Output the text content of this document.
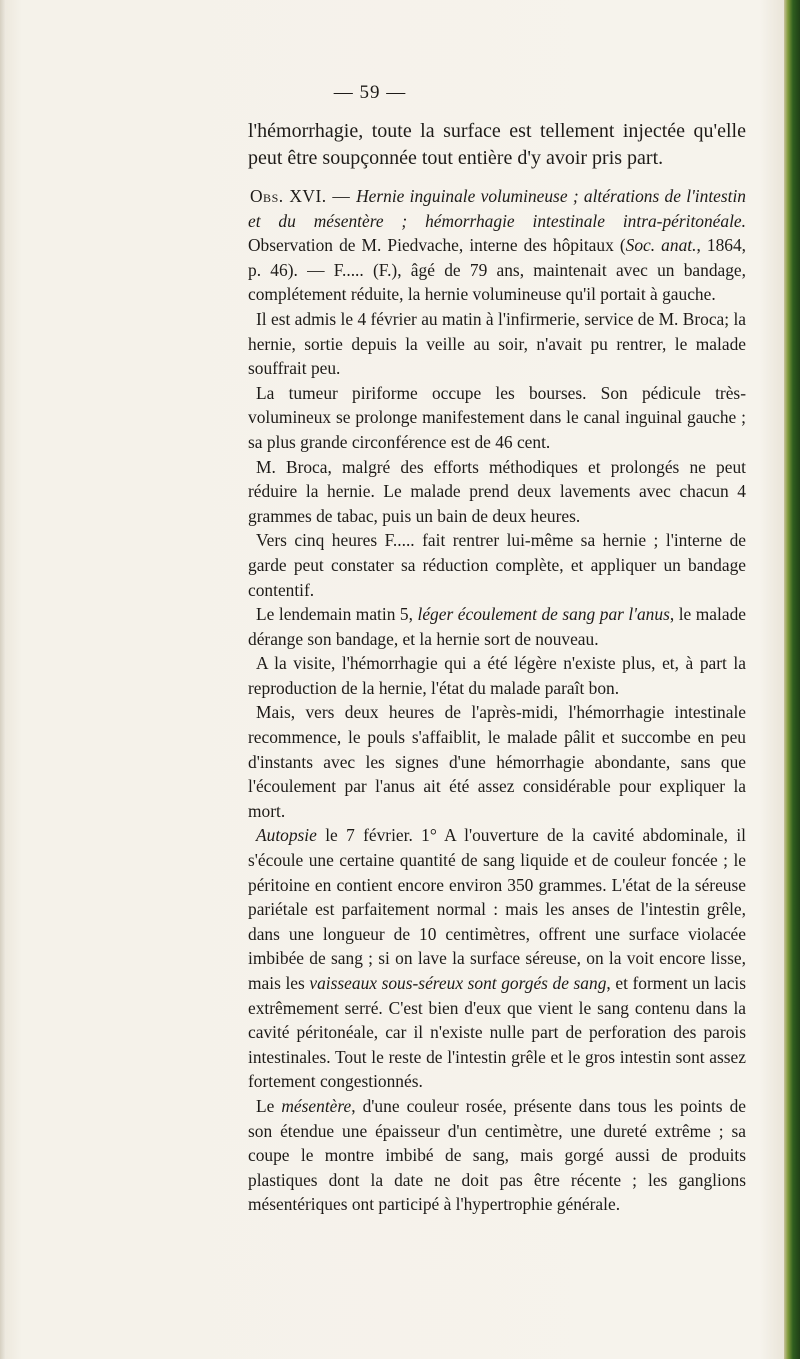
— 59 —

l'hémorrhagie, toute la surface est tellement injectée qu'elle peut être soupçonnée tout entière d'y avoir pris part.

Obs. XVI. — Hernie inguinale volumineuse ; altérations de l'intestin et du mésentère ; hémorrhagie intestinale intra-péritonéale. Observation de M. Piedvache, interne des hôpitaux (Soc. anat., 1864, p. 46). — F..... (F.), âgé de 79 ans, maintenait avec un bandage, complétement réduite, la hernie volumineuse qu'il portait à gauche.

Il est admis le 4 février au matin à l'infirmerie, service de M. Broca; la hernie, sortie depuis la veille au soir, n'avait pu rentrer, le malade souffrait peu.

La tumeur piriforme occupe les bourses. Son pédicule très-volumineux se prolonge manifestement dans le canal inguinal gauche ; sa plus grande circonférence est de 46 cent.

M. Broca, malgré des efforts méthodiques et prolongés ne peut réduire la hernie. Le malade prend deux lavements avec chacun 4 grammes de tabac, puis un bain de deux heures.

Vers cinq heures F..... fait rentrer lui-même sa hernie ; l'interne de garde peut constater sa réduction complète, et appliquer un bandage contentif.

Le lendemain matin 5, léger écoulement de sang par l'anus, le malade dérange son bandage, et la hernie sort de nouveau.

A la visite, l'hémorrhagie qui a été légère n'existe plus, et, à part la reproduction de la hernie, l'état du malade paraît bon.

Mais, vers deux heures de l'après-midi, l'hémorrhagie intestinale recommence, le pouls s'affaiblit, le malade pâlit et succombe en peu d'instants avec les signes d'une hémorrhagie abondante, sans que l'écoulement par l'anus ait été assez considérable pour expliquer la mort.

Autopsie le 7 février. 1° A l'ouverture de la cavité abdominale, il s'écoule une certaine quantité de sang liquide et de couleur foncée ; le péritoine en contient encore environ 350 grammes. L'état de la séreuse pariétale est parfaitement normal : mais les anses de l'intestin grêle, dans une longueur de 10 centimètres, offrent une surface violacée imbibée de sang ; si on lave la surface séreuse, on la voit encore lisse, mais les vaisseaux sous-séreux sont gorgés de sang, et forment un lacis extrêmement serré. C'est bien d'eux que vient le sang contenu dans la cavité péritonéale, car il n'existe nulle part de perforation des parois intestinales. Tout le reste de l'intestin grêle et le gros intestin sont assez fortement congestionnés.

Le mésentère, d'une couleur rosée, présente dans tous les points de son étendue une épaisseur d'un centimètre, une dureté extrême ; sa coupe le montre imbibé de sang, mais gorgé aussi de produits plastiques dont la date ne doit pas être récente ; les ganglions mésentériques ont participé à l'hypertrophie générale.
